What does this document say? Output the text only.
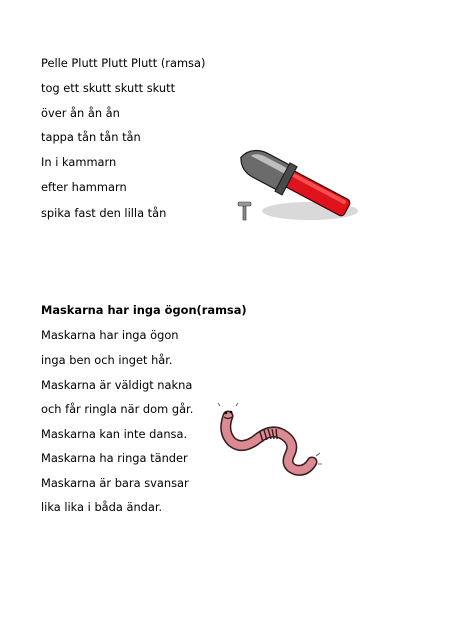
Pelle Plutt Plutt Plutt (ramsa)
tog ett skutt skutt skutt
över ån ån ån
tappa tån tån tån
In i kammarn
efter hammarn
spika fast den lilla tån
Maskarna har inga ögon(ramsa)
Maskarna har inga ögon
inga ben och inget hår.
Maskarna är väldigt nakna
och får ringla när dom går.
Maskarna kan inte dansa.
Maskarna ha ringa tänder
Maskarna är bara svansar
lika lika i båda ändar.
